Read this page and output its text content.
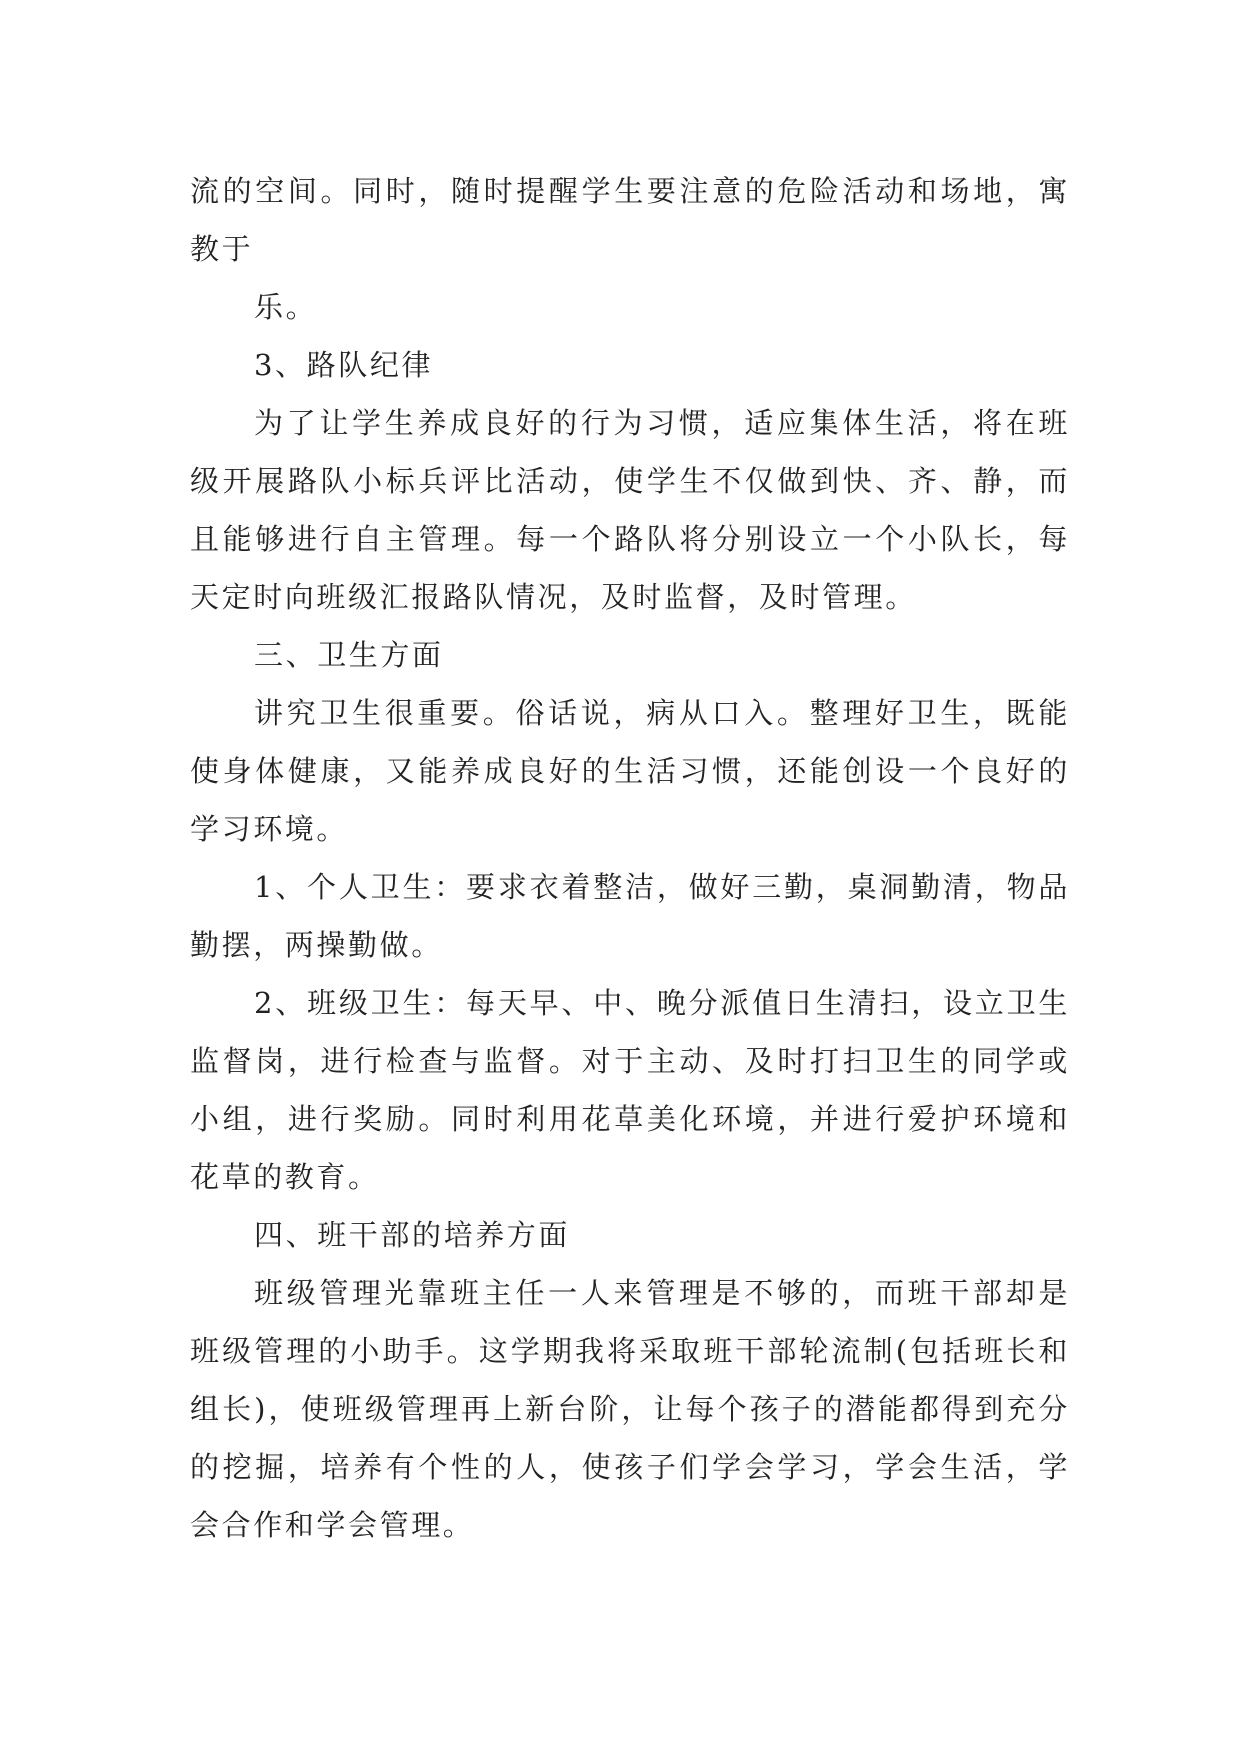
流的空间。同时，随时提醒学生要注意的危险活动和场地，寓教于

乐。

3、路队纪律

为了让学生养成良好的行为习惯，适应集体生活，将在班级开展路队小标兵评比活动，使学生不仅做到快、齐、静，而且能够进行自主管理。每一个路队将分别设立一个小队长，每天定时向班级汇报路队情况，及时监督，及时管理。

三、卫生方面

讲究卫生很重要。俗话说，病从口入。整理好卫生，既能使身体健康，又能养成良好的生活习惯，还能创设一个良好的学习环境。

1、个人卫生：要求衣着整洁，做好三勤，桌洞勤清，物品勤摆，两操勤做。

2、班级卫生：每天早、中、晚分派值日生清扫，设立卫生监督岗，进行检查与监督。对于主动、及时打扫卫生的同学或小组，进行奖励。同时利用花草美化环境，并进行爱护环境和花草的教育。

四、班干部的培养方面

班级管理光靠班主任一人来管理是不够的，而班干部却是班级管理的小助手。这学期我将采取班干部轮流制(包括班长和组长)，使班级管理再上新台阶，让每个孩子的潜能都得到充分的挖掘，培养有个性的人，使孩子们学会学习，学会生活，学会合作和学会管理。
